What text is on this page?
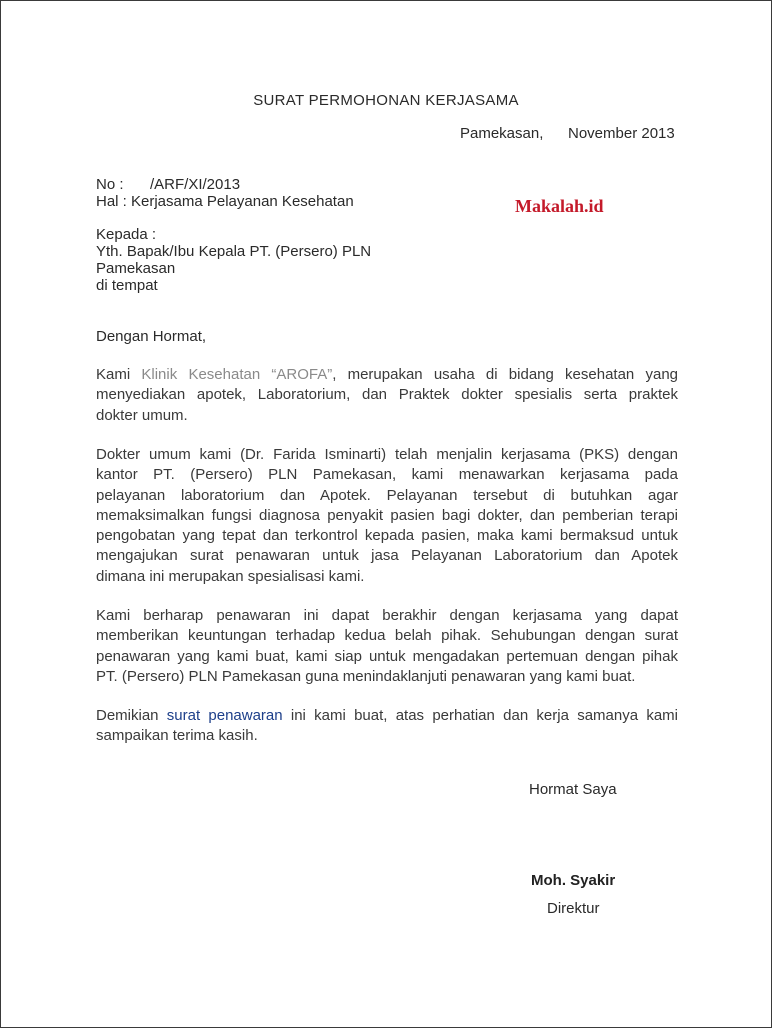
SURAT PERMOHONAN KERJASAMA
Pamekasan, November 2013
No : /ARF/XI/2013
Hal : Kerjasama Pelayanan Kesehatan	Makalah.id
Kepada :
Yth. Bapak/Ibu Kepala PT. (Persero) PLN
Pamekasan
di tempat
Dengan Hormat,
Kami Klinik Kesehatan “AROFA”, merupakan usaha di bidang kesehatan yang
menyediakan apotek, Laboratorium, dan Praktek dokter spesialis serta praktek
dokter umum.
Dokter umum kami (Dr. Farida Isminarti) telah menjalin kerjasama (PKS) dengan
kantor PT. (Persero) PLN Pamekasan, kami menawarkan kerjasama pada
pelayanan laboratorium dan Apotek. Pelayanan tersebut di butuhkan agar
memaksimalkan fungsi diagnosa penyakit pasien bagi dokter, dan pemberian terapi
pengobatan yang tepat dan terkontrol kepada pasien, maka kami bermaksud untuk
mengajukan surat penawaran untuk jasa Pelayanan Laboratorium dan Apotek
dimana ini merupakan spesialisasi kami.
Kami berharap penawaran ini dapat berakhir dengan kerjasama yang dapat
memberikan keuntungan terhadap kedua belah pihak. Sehubungan dengan surat
penawaran yang kami buat, kami siap untuk mengadakan pertemuan dengan pihak
PT. (Persero) PLN Pamekasan guna menindaklanjuti penawaran yang kami buat.
Demikian surat penawaran ini kami buat, atas perhatian dan kerja samanya kami
sampaikan terima kasih.
Hormat Saya
Moh. Syakir
Direktur
